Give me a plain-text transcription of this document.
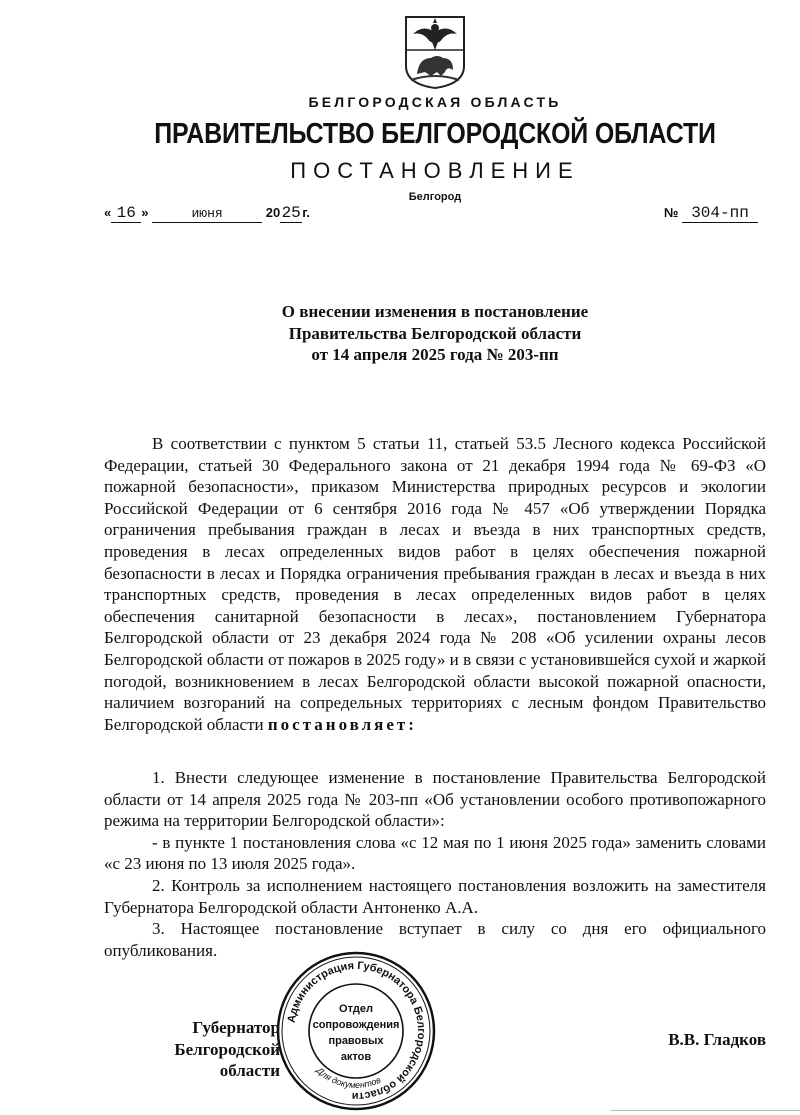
БЕЛГОРОДСКАЯ ОБЛАСТЬ
ПРАВИТЕЛЬСТВО БЕЛГОРОДСКОЙ ОБЛАСТИ
ПОСТАНОВЛЕНИЕ
Белгород
« 16 »	июня	2025г.	№ 304-пп
О внесении изменения в постановление
Правительства Белгородской области
от 14 апреля 2025 года № 203-пп
В соответствии с пунктом 5 статьи 11, статьей 53.5 Лесного кодекса Российской Федерации, статьей 30 Федерального закона от 21 декабря 1994 года № 69-ФЗ «О пожарной безопасности», приказом Министерства природных ресурсов и экологии Российской Федерации от 6 сентября 2016 года № 457 «Об утверждении Порядка ограничения пребывания граждан в лесах и въезда в них транспортных средств, проведения в лесах определенных видов работ в целях обеспечения пожарной безопасности в лесах и Порядка ограничения пребывания граждан в лесах и въезда в них транспортных средств, проведения в лесах определенных видов работ в целях обеспечения санитарной безопасности в лесах», постановлением Губернатора Белгородской области от 23 декабря 2024 года № 208 «Об усилении охраны лесов Белгородской области от пожаров в 2025 году» и в связи с установившейся сухой и жаркой погодой, возникновением в лесах Белгородской области высокой пожарной опасности, наличием возгораний на сопредельных территориях с лесным фондом Правительство Белгородской области постановляет:
1. Внести следующее изменение в постановление Правительства Белгородской области от 14 апреля 2025 года № 203-пп «Об установлении особого противопожарного режима на территории Белгородской области»:
- в пункте 1 постановления слова «с 12 мая по 1 июня 2025 года» заменить словами «с 23 июня по 13 июля 2025 года».
2. Контроль за исполнением настоящего постановления возложить на заместителя Губернатора Белгородской области Антоненко А.А.
3. Настоящее постановление вступает в силу со дня его официального опубликования.
Губернатор
Белгородской области
В.В. Гладков
Администрация Губернатора Белгородской области
Для документов
Отдел
сопровождения
правовых
актов
